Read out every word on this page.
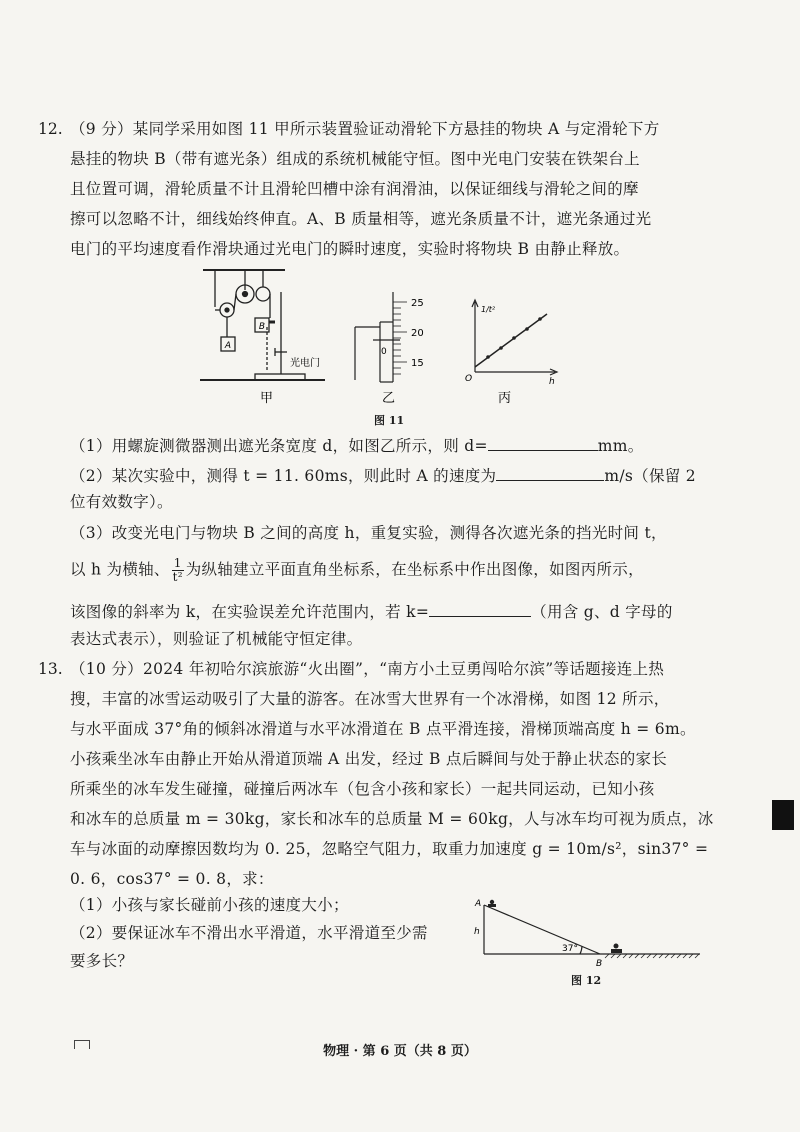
12. （9 分）某同学采用如图 11 甲所示装置验证动滑轮下方悬挂的物块 A 与定滑轮下方
悬挂的物块 B（带有遮光条）组成的系统机械能守恒。图中光电门安装在铁架台上
且位置可调，滑轮质量不计且滑轮凹槽中涂有润滑油，以保证细线与滑轮之间的摩
擦可以忽略不计，细线始终伸直。A、B 质量相等，遮光条质量不计，遮光条通过光
电门的平均速度看作滑块通过光电门的瞬时速度，实验时将物块 B 由静止释放。
A
B
光电门
甲
25
20
15
0
乙
1/t²
h
O
丙
图 11
（1）用螺旋测微器测出遮光条宽度 d，如图乙所示，则 d=	mm。
（2）某次实验中，测得 t = 11. 60ms，则此时 A 的速度为	m/s（保留 2
位有效数字）。
（3）改变光电门与物块 B 之间的高度 h，重复实验，测得各次遮光条的挡光时间 t，
以 h 为横轴、 $\frac{1}{\text{t²}}$ 为纵轴建立平面直角坐标系，在坐标系中作出图像，如图丙所示，
该图像的斜率为 k，在实验误差允许范围内，若 k=	（用含 g、d 字母的
表达式表示），则验证了机械能守恒定律。
13. （10 分）2024 年初哈尔滨旅游“火出圈”，“南方小土豆勇闯哈尔滨”等话题接连上热
搜，丰富的冰雪运动吸引了大量的游客。在冰雪大世界有一个冰滑梯，如图 12 所示，
与水平面成 37°角的倾斜冰滑道与水平冰滑道在 B 点平滑连接，滑梯顶端高度 h = 6m。
小孩乘坐冰车由静止开始从滑道顶端 A 出发，经过 B 点后瞬间与处于静止状态的家长
所乘坐的冰车发生碰撞，碰撞后两冰车（包含小孩和家长）一起共同运动，已知小孩
和冰车的总质量 m = 30kg，家长和冰车的总质量 M = 60kg，人与冰车均可视为质点，冰
车与冰面的动摩擦因数均为 0. 25，忽略空气阻力，取重力加速度 g = 10m/s²，sin37° =
0. 6，cos37° = 0. 8，求：
（1）小孩与家长碰前小孩的速度大小；
（2）要保证冰车不滑出水平滑道，水平滑道至少需
要多长？
A
h
37°
B
图 12
物理 · 第 6 页（共 8 页）
